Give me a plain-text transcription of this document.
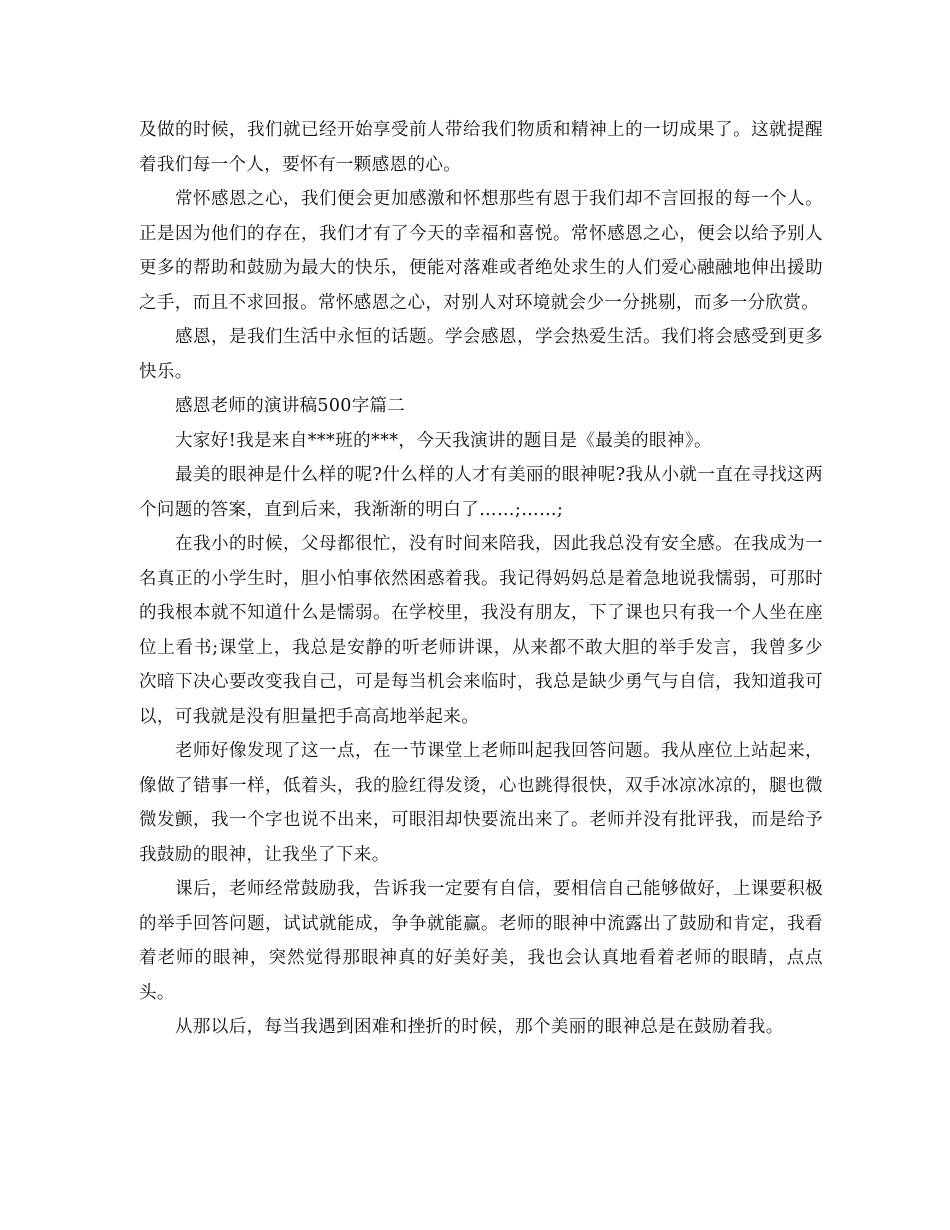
及做的时候，我们就已经开始享受前人带给我们物质和精神上的一切成果了。这就提醒着我们每一个人，要怀有一颗感恩的心。

常怀感恩之心，我们便会更加感激和怀想那些有恩于我们却不言回报的每一个人。正是因为他们的存在，我们才有了今天的幸福和喜悦。常怀感恩之心，便会以给予别人更多的帮助和鼓励为最大的快乐，便能对落难或者绝处求生的人们爱心融融地伸出援助之手，而且不求回报。常怀感恩之心，对别人对环境就会少一分挑剔，而多一分欣赏。

感恩，是我们生活中永恒的话题。学会感恩，学会热爱生活。我们将会感受到更多快乐。

感恩老师的演讲稿500字篇二

大家好!我是来自***班的***，今天我演讲的题目是《最美的眼神》。

最美的眼神是什么样的呢?什么样的人才有美丽的眼神呢?我从小就一直在寻找这两个问题的答案，直到后来，我渐渐的明白了……;……;

在我小的时候，父母都很忙，没有时间来陪我，因此我总没有安全感。在我成为一名真正的小学生时，胆小怕事依然困惑着我。我记得妈妈总是着急地说我懦弱，可那时的我根本就不知道什么是懦弱。在学校里，我没有朋友，下了课也只有我一个人坐在座位上看书;课堂上，我总是安静的听老师讲课，从来都不敢大胆的举手发言，我曾多少次暗下决心要改变我自己，可是每当机会来临时，我总是缺少勇气与自信，我知道我可以，可我就是没有胆量把手高高地举起来。

老师好像发现了这一点，在一节课堂上老师叫起我回答问题。我从座位上站起来，像做了错事一样，低着头，我的脸红得发烫，心也跳得很快，双手冰凉冰凉的，腿也微微发颤，我一个字也说不出来，可眼泪却快要流出来了。老师并没有批评我，而是给予我鼓励的眼神，让我坐了下来。

课后，老师经常鼓励我，告诉我一定要有自信，要相信自己能够做好，上课要积极的举手回答问题，试试就能成，争争就能赢。老师的眼神中流露出了鼓励和肯定，我看着老师的眼神，突然觉得那眼神真的好美好美，我也会认真地看着老师的眼睛，点点头。

从那以后，每当我遇到困难和挫折的时候，那个美丽的眼神总是在鼓励着我。
